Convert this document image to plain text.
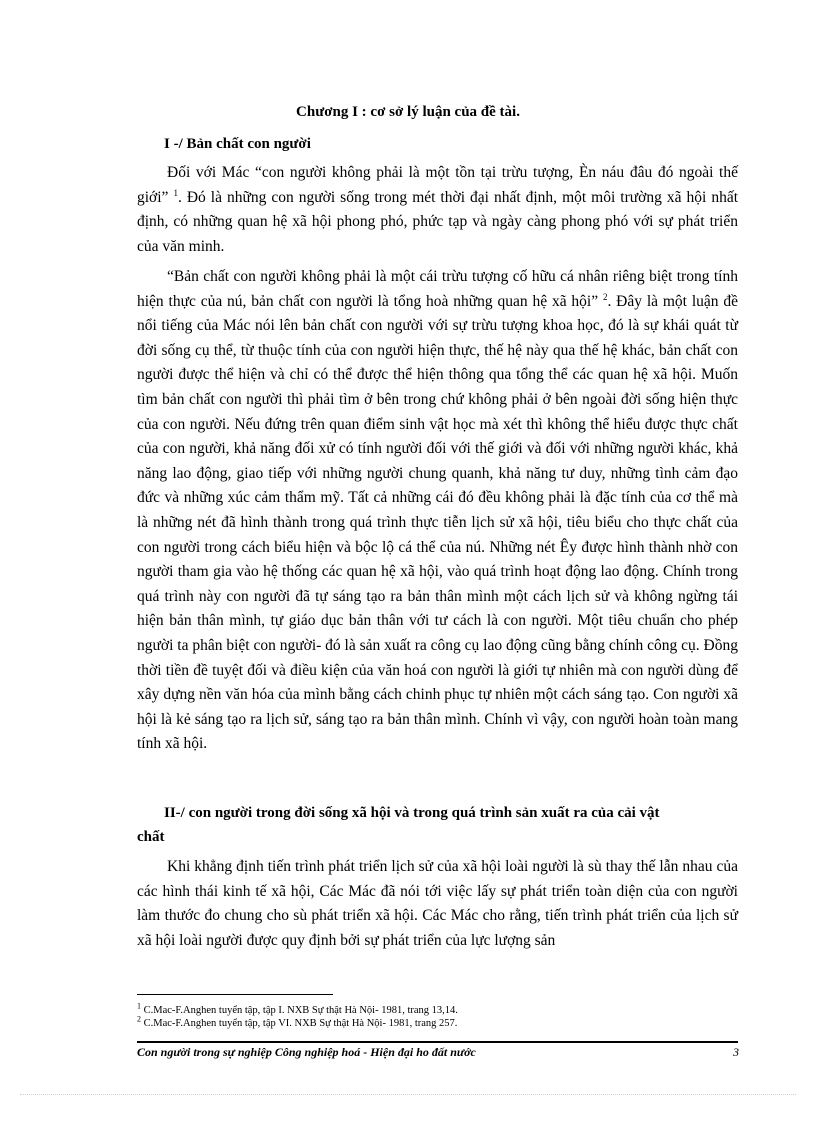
Chương I : cơ sở lý luận của đề tài.
I -/ Bản chất con người

Đối với Mác “con người không phải là một tồn tại trừu tượng, Èn náu đâu đó ngoài thế giới” $^1$. Đó là những con người sống trong mét thời đại nhất định, một môi trường xã hội nhất định, có những quan hệ xã hội phong phó, phức tạp và ngày càng phong phó với sự phát triển của văn minh.

“Bản chất con người không phải là một cái trừu tượng cố hữu cá nhân riêng biệt trong tính hiện thực của nú, bản chất con người là tổng hoà những quan hệ xã hội” $^2$. Đây là một luận đề nổi tiếng của Mác nói lên bản chất con người với sự trừu tượng khoa học, đó là sự khái quát từ đời sống cụ thể, từ thuộc tính của con người hiện thực, thế hệ này qua thế hệ khác, bản chất con người được thể hiện và chỉ có thể được thể hiện thông qua tổng thể các quan hệ xã hội. Muốn tìm bản chất con người thì phải tìm ở bên trong chứ không phải ở bên ngoài đời sống hiện thực của con người. Nếu đứng trên quan điểm sinh vật học mà xét thì không thể hiểu được thực chất của con người, khả năng đối xử có tính người đối với thế giới và đối với những người khác, khả năng lao động, giao tiếp với những người chung quanh, khả năng tư duy, những tình cảm đạo đức và những xúc cảm thẩm mỹ. Tất cả những cái đó đều không phải là đặc tính của cơ thể mà là những nét đã hình thành trong quá trình thực tiễn lịch sử xã hội, tiêu biểu cho thực chất của con người trong cách biểu hiện và bộc lộ cá thể của nú. Những nét Êy được hình thành nhờ con người tham gia vào hệ thống các quan hệ xã hội, vào quá trình hoạt động lao động. Chính trong quá trình này con người đã tự sáng tạo ra bản thân mình một cách lịch sử và không ngừng tái hiện bản thân mình, tự giáo dục bản thân với tư cách là con người. Một tiêu chuẩn cho phép người ta phân biệt con người- đó là sản xuất ra công cụ lao động cũng bằng chính công cụ. Đồng thời tiền đề tuyệt đối và điều kiện của văn hoá con người là giới tự nhiên mà con người dùng để xây dựng nền văn hóa của mình bằng cách chinh phục tự nhiên một cách sáng tạo. Con người xã hội là kẻ sáng tạo ra lịch sử, sáng tạo ra bản thân mình. Chính vì vậy, con người hoàn toàn mang tính xã hội.

II-/ con người trong đời sống xã hội và trong quá trình sản xuất ra của cải vật
chất

Khi khẳng định tiến trình phát triển lịch sử của xã hội loài người là sù thay thế lẫn nhau của các hình thái kinh tế xã hội, Các Mác đã nói tới việc lấy sự phát triển toàn diện của con người làm thước đo chung cho sù phát triển xã hội. Các Mác cho rằng, tiến trình phát triển của lịch sử xã hội loài người được quy định bởi sự phát triển của lực lượng sản

$^1$ C.Mac-F.Anghen tuyển tập, tập I. NXB Sự thật Hà Nội- 1981, trang 13,14.
$^2$ C.Mac-F.Anghen tuyển tập, tập VI. NXB Sự thật Hà Nội- 1981, trang 257.
Con người trong sự nghiệp Công nghiệp hoá - Hiện đại ho đất nước	3
